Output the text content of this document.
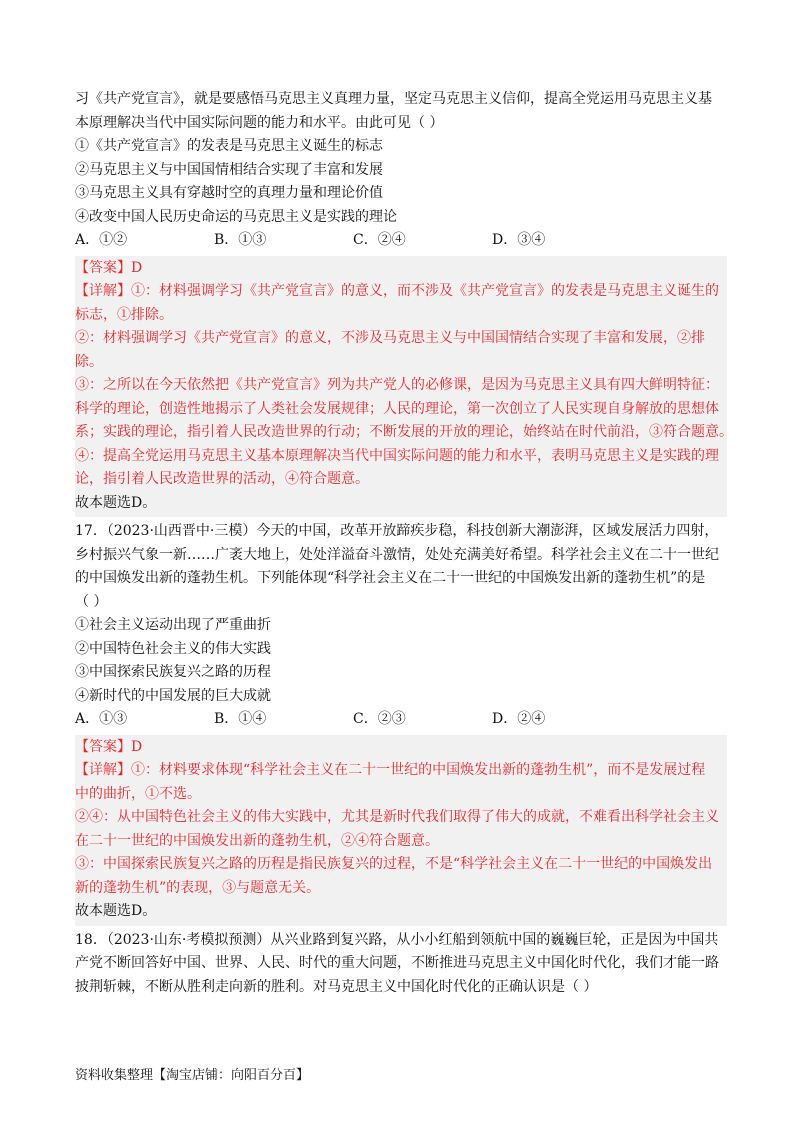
习《共产党宣言》，就是要感悟马克思主义真理力量，坚定马克思主义信仰，提高全党运用马克思主义基
本原理解决当代中国实际问题的能力和水平。由此可见（ ）
①《共产党宣言》的发表是马克思主义诞生的标志
②马克思主义与中国国情相结合实现了丰富和发展
③马克思主义具有穿越时空的真理力量和理论价值
④改变中国人民历史命运的马克思主义是实践的理论
A．①②	B．①③	C．②④	D．③④
【答案】D
【详解】①：材料强调学习《共产党宣言》的意义，而不涉及《共产党宣言》的发表是马克思主义诞生的
标志，①排除。
②：材料强调学习《共产党宣言》的意义，不涉及马克思主义与中国国情结合实现了丰富和发展，②排
除。
③：之所以在今天依然把《共产党宣言》列为共产党人的必修课，是因为马克思主义具有四大鲜明特征：
科学的理论，创造性地揭示了人类社会发展规律；人民的理论，第一次创立了人民实现自身解放的思想体
系；实践的理论，指引着人民改造世界的行动；不断发展的开放的理论，始终站在时代前沿，③符合题意。
④：提高全党运用马克思主义基本原理解决当代中国实际问题的能力和水平，表明马克思主义是实践的理
论，指引着人民改造世界的活动，④符合题意。
故本题选D。
17．（2023·山西晋中·三模）今天的中国，改革开放蹄疾步稳，科技创新大潮澎湃，区域发展活力四射，
乡村振兴气象一新……广袤大地上，处处洋溢奋斗激情，处处充满美好希望。科学社会主义在二十一世纪
的中国焕发出新的蓬勃生机。下列能体现“科学社会主义在二十一世纪的中国焕发出新的蓬勃生机”的是
（ ）
①社会主义运动出现了严重曲折
②中国特色社会主义的伟大实践
③中国探索民族复兴之路的历程
④新时代的中国发展的巨大成就
A．①③	B．①④	C．②③	D．②④
【答案】D
【详解】①：材料要求体现“科学社会主义在二十一世纪的中国焕发出新的蓬勃生机”，而不是发展过程
中的曲折，①不选。
②④：从中国特色社会主义的伟大实践中，尤其是新时代我们取得了伟大的成就，不难看出科学社会主义
在二十一世纪的中国焕发出新的蓬勃生机，②④符合题意。
③：中国探索民族复兴之路的历程是指民族复兴的过程，不是“科学社会主义在二十一世纪的中国焕发出
新的蓬勃生机”的表现，③与题意无关。
故本题选D。
18．（2023·山东·考模拟预测）从兴业路到复兴路，从小小红船到领航中国的巍巍巨轮，正是因为中国共
产党不断回答好中国、世界、人民、时代的重大问题，不断推进马克思主义中国化时代化，我们才能一路
披荆斩棘，不断从胜利走向新的胜利。对马克思主义中国化时代化的正确认识是（ ）
资料收集整理【淘宝店铺：向阳百分百】
